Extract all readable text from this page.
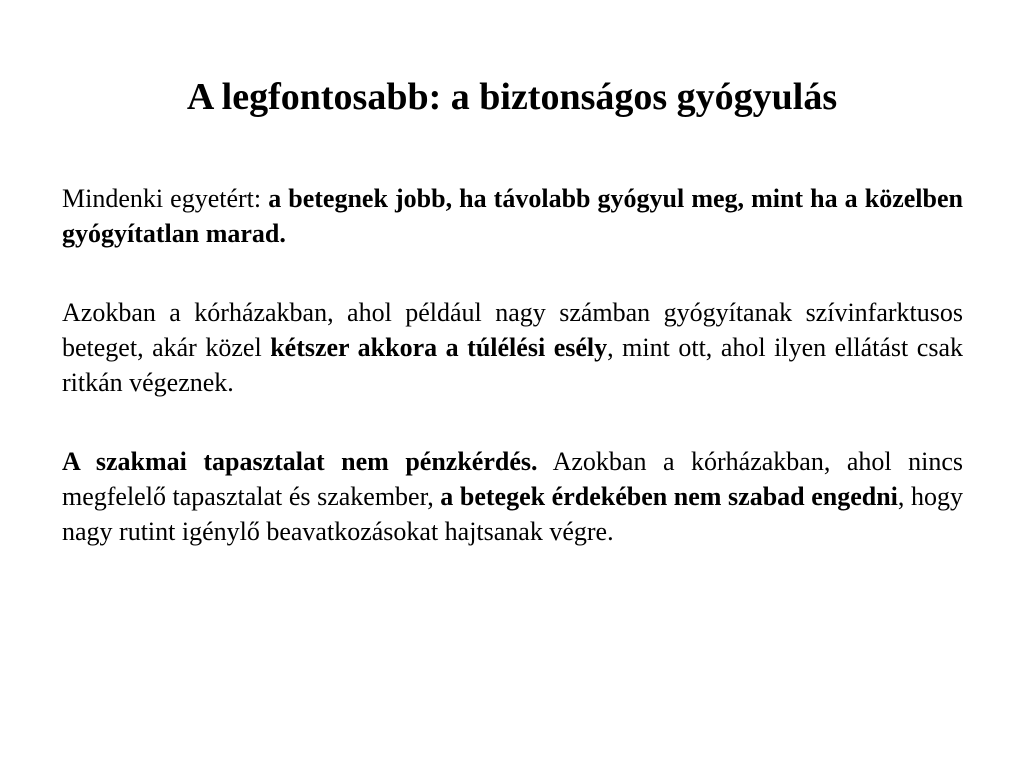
A legfontosabb: a biztonságos gyógyulás

Mindenki egyetért: a betegnek jobb, ha távolabb gyógyul meg, mint ha a közelben gyógyítatlan marad.

Azokban a kórházakban, ahol például nagy számban gyógyítanak szívinfarktusos beteget, akár közel kétszer akkora a túlélési esély, mint ott, ahol ilyen ellátást csak ritkán végeznek.

A szakmai tapasztalat nem pénzkérdés. Azokban a kórházakban, ahol nincs megfelelő tapasztalat és szakember, a betegek érdekében nem szabad engedni, hogy nagy rutint igénylő beavatkozásokat hajtsanak végre.
